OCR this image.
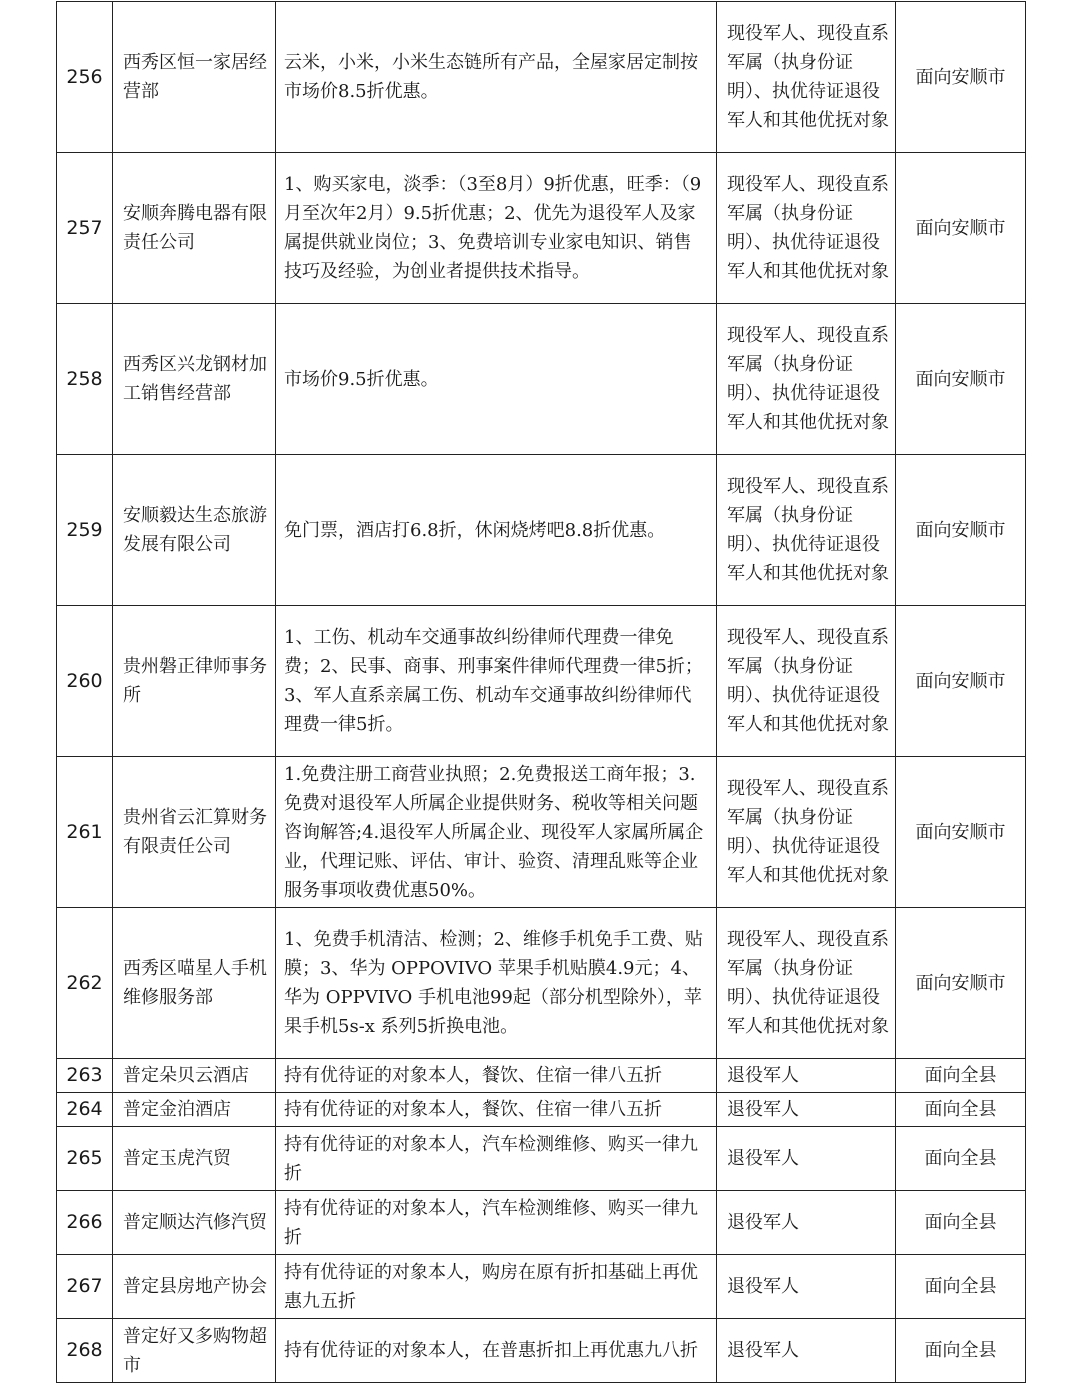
256	西秀区恒一家居经营部	云米，小米，小米生态链所有产品，全屋家居定制按市场价8.5折优惠。	现役军人、现役直系军属（执身份证明）、执优待证退役军人和其他优抚对象	面向安顺市
257	安顺奔腾电器有限责任公司	1、购买家电，淡季：（3至8月）9折优惠，旺季：（9月至次年2月）9.5折优惠；2、优先为退役军人及家属提供就业岗位；3、免费培训专业家电知识、销售技巧及经验，为创业者提供技术指导。	现役军人、现役直系军属（执身份证明）、执优待证退役军人和其他优抚对象	面向安顺市
258	西秀区兴龙钢材加工销售经营部	市场价9.5折优惠。	现役军人、现役直系军属（执身份证明）、执优待证退役军人和其他优抚对象	面向安顺市
259	安顺毅达生态旅游发展有限公司	免门票，酒店打6.8折，休闲烧烤吧8.8折优惠。	现役军人、现役直系军属（执身份证明）、执优待证退役军人和其他优抚对象	面向安顺市
260	贵州磐正律师事务所	1、工伤、机动车交通事故纠纷律师代理费一律免费；2、民事、商事、刑事案件律师代理费一律5折；3、军人直系亲属工伤、机动车交通事故纠纷律师代理费一律5折。	现役军人、现役直系军属（执身份证明）、执优待证退役军人和其他优抚对象	面向安顺市
261	贵州省云汇算财务有限责任公司	1.免费注册工商营业执照；2.免费报送工商年报；3.免费对退役军人所属企业提供财务、税收等相关问题咨询解答;4.退役军人所属企业、现役军人家属所属企业，代理记账、评估、审计、验资、清理乱账等企业服务事项收费优惠50%。	现役军人、现役直系军属（执身份证明）、执优待证退役军人和其他优抚对象	面向安顺市
262	西秀区喵星人手机维修服务部	1、免费手机清洁、检测；2、维修手机免手工费、贴膜；3、华为 OPPOVIVO 苹果手机贴膜4.9元；4、华为 OPPVIVO 手机电池99起（部分机型除外），苹果手机5s-x 系列5折换电池。	现役军人、现役直系军属（执身份证明）、执优待证退役军人和其他优抚对象	面向安顺市
263	普定朵贝云酒店	持有优待证的对象本人，餐饮、住宿一律八五折	退役军人	面向全县
264	普定金泊酒店	持有优待证的对象本人，餐饮、住宿一律八五折	退役军人	面向全县
265	普定玉虎汽贸	持有优待证的对象本人，汽车检测维修、购买一律九折	退役军人	面向全县
266	普定顺达汽修汽贸	持有优待证的对象本人，汽车检测维修、购买一律九折	退役军人	面向全县
267	普定县房地产协会	持有优待证的对象本人，购房在原有折扣基础上再优惠九五折	退役军人	面向全县
268	普定好又多购物超市	持有优待证的对象本人，在普惠折扣上再优惠九八折	退役军人	面向全县
